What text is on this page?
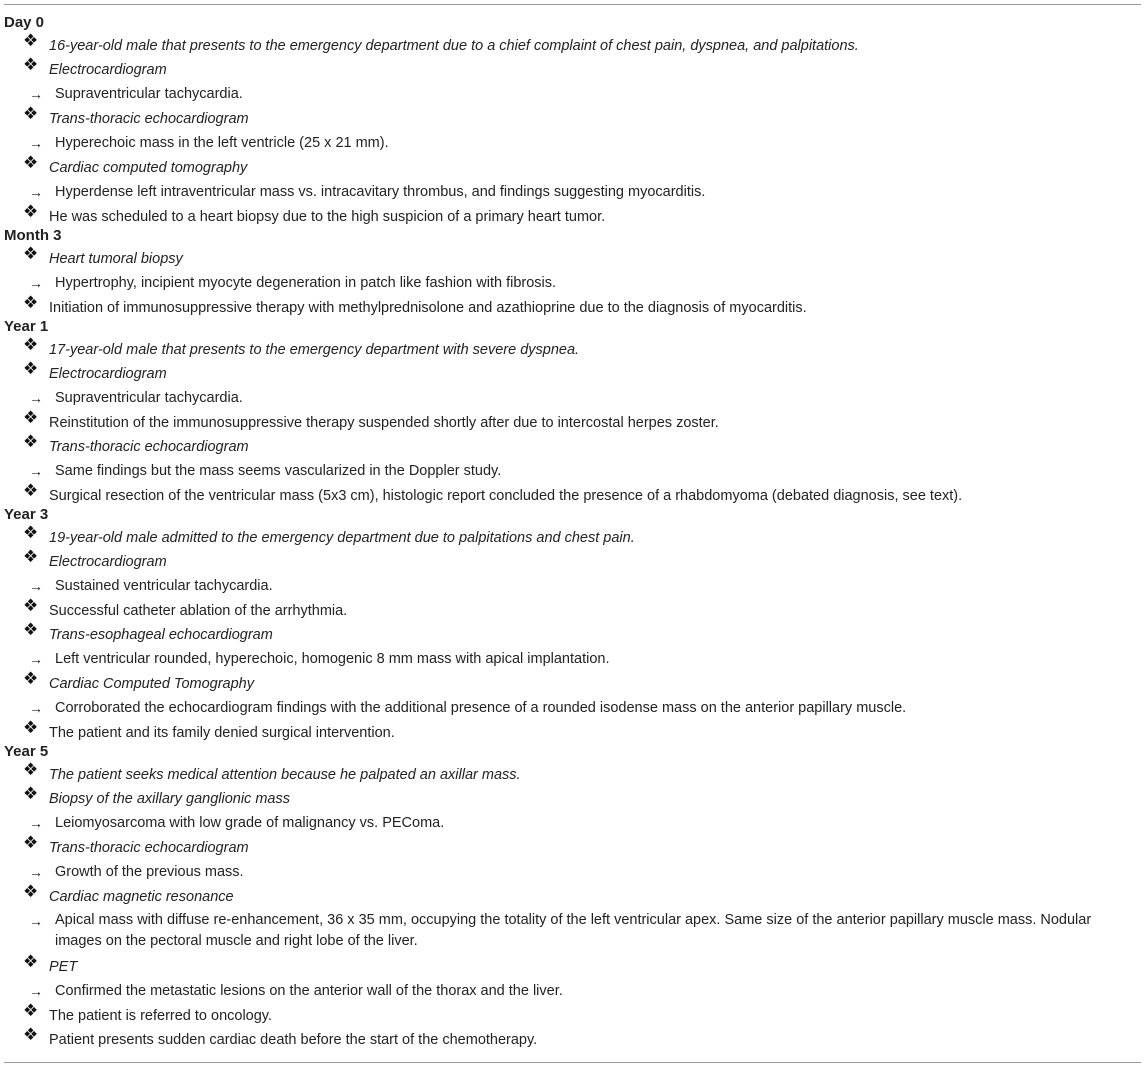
Day 0
❖ 16-year-old male that presents to the emergency department due to a chief complaint of chest pain, dyspnea, and palpitations.
❖ Electrocardiogram
→ Supraventricular tachycardia.
❖ Trans-thoracic echocardiogram
→ Hyperechoic mass in the left ventricle (25 x 21 mm).
❖ Cardiac computed tomography
→ Hyperdense left intraventricular mass vs. intracavitary thrombus, and findings suggesting myocarditis.
❖ He was scheduled to a heart biopsy due to the high suspicion of a primary heart tumor.
Month 3
❖ Heart tumoral biopsy
→ Hypertrophy, incipient myocyte degeneration in patch like fashion with fibrosis.
❖ Initiation of immunosuppressive therapy with methylprednisolone and azathioprine due to the diagnosis of myocarditis.
Year 1
❖ 17-year-old male that presents to the emergency department with severe dyspnea.
❖ Electrocardiogram
→ Supraventricular tachycardia.
❖ Reinstitution of the immunosuppressive therapy suspended shortly after due to intercostal herpes zoster.
❖ Trans-thoracic echocardiogram
→ Same findings but the mass seems vascularized in the Doppler study.
❖ Surgical resection of the ventricular mass (5x3 cm), histologic report concluded the presence of a rhabdomyoma (debated diagnosis, see text).
Year 3
❖ 19-year-old male admitted to the emergency department due to palpitations and chest pain.
❖ Electrocardiogram
→ Sustained ventricular tachycardia.
❖ Successful catheter ablation of the arrhythmia.
❖ Trans-esophageal echocardiogram
→ Left ventricular rounded, hyperechoic, homogenic 8 mm mass with apical implantation.
❖ Cardiac Computed Tomography
→ Corroborated the echocardiogram findings with the additional presence of a rounded isodense mass on the anterior papillary muscle.
❖ The patient and its family denied surgical intervention.
Year 5
❖ The patient seeks medical attention because he palpated an axillar mass.
❖ Biopsy of the axillary ganglionic mass
→ Leiomyosarcoma with low grade of malignancy vs. PEComa.
❖ Trans-thoracic echocardiogram
→ Growth of the previous mass.
❖ Cardiac magnetic resonance
→ Apical mass with diffuse re-enhancement, 36 x 35 mm, occupying the totality of the left ventricular apex. Same size of the anterior papillary muscle mass. Nodular images on the pectoral muscle and right lobe of the liver.
❖ PET
→ Confirmed the metastatic lesions on the anterior wall of the thorax and the liver.
❖ The patient is referred to oncology.
❖ Patient presents sudden cardiac death before the start of the chemotherapy.
